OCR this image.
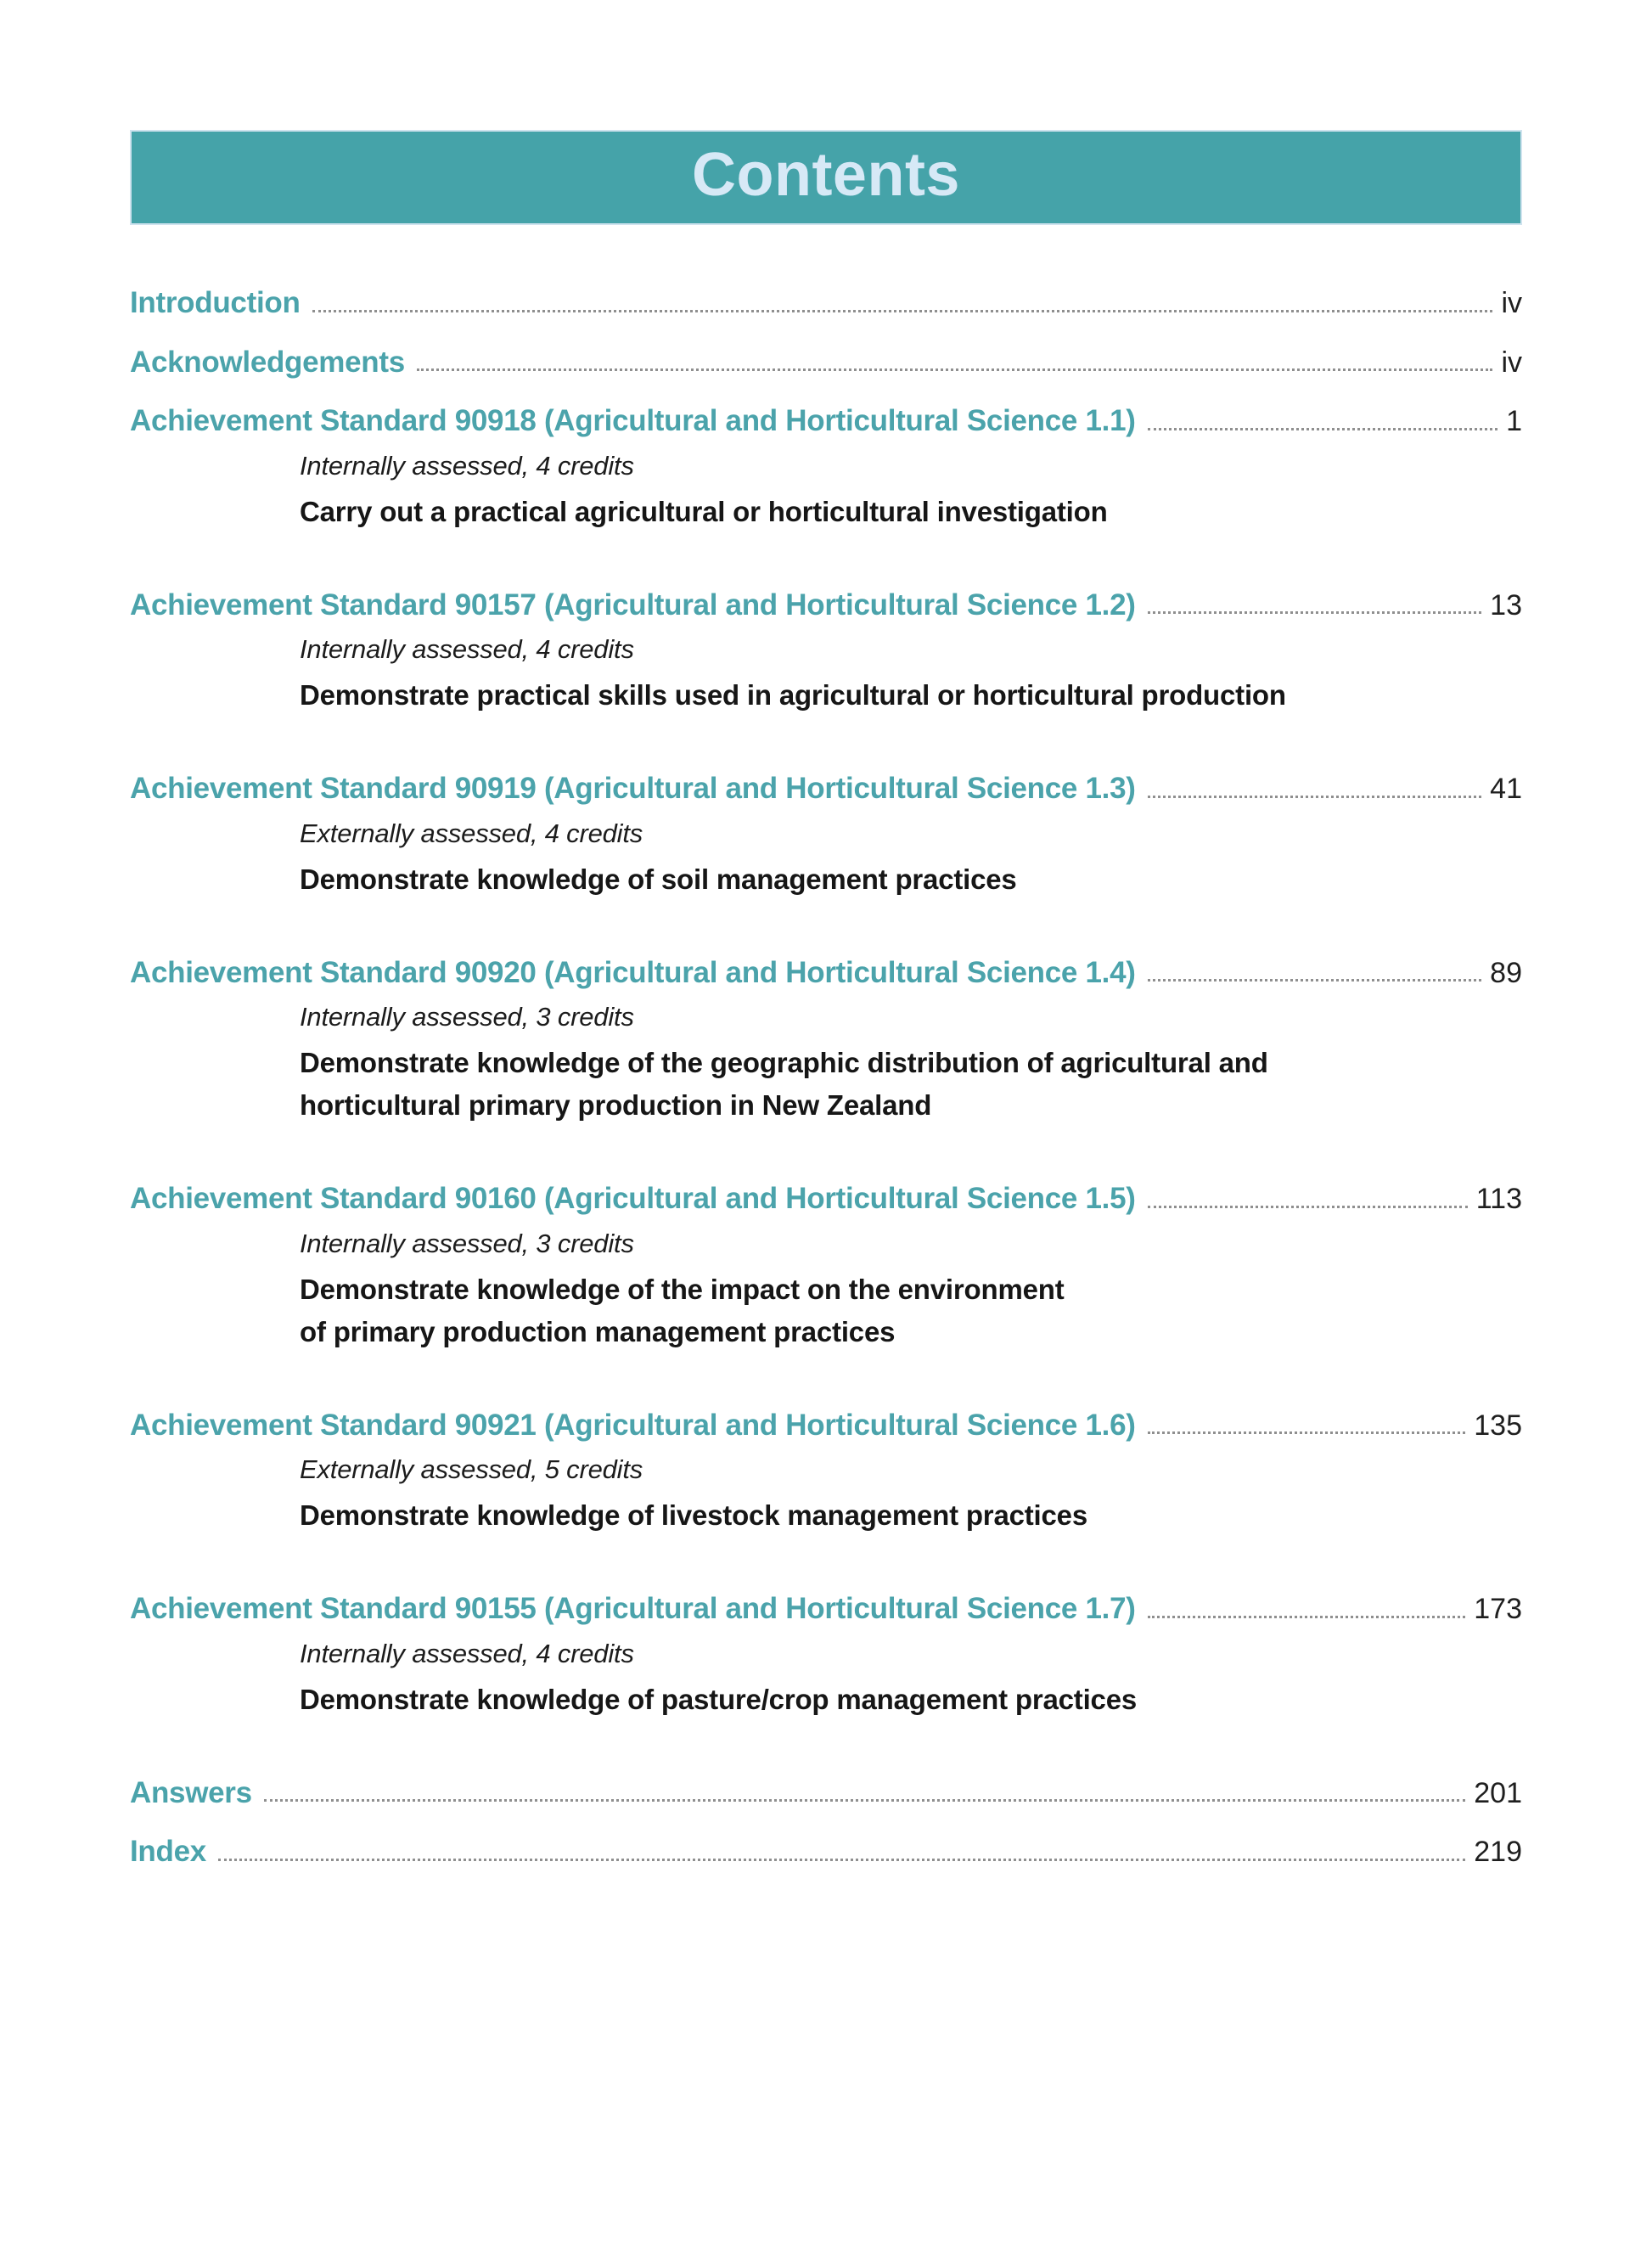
Contents
Introduction	iv
Acknowledgements	iv
Achievement Standard 90918 (Agricultural and Horticultural Science 1.1)	1
Internally assessed, 4 credits
Carry out a practical agricultural or horticultural investigation
Achievement Standard 90157 (Agricultural and Horticultural Science 1.2)	13
Internally assessed, 4 credits
Demonstrate practical skills used in agricultural or horticultural production
Achievement Standard 90919 (Agricultural and Horticultural Science 1.3)	41
Externally assessed, 4 credits
Demonstrate knowledge of soil management practices
Achievement Standard 90920 (Agricultural and Horticultural Science 1.4)	89
Internally assessed, 3 credits
Demonstrate knowledge of the geographic distribution of agricultural and
horticultural primary production in New Zealand
Achievement Standard 90160 (Agricultural and Horticultural Science 1.5)	113
Internally assessed, 3 credits
Demonstrate knowledge of the impact on the environment
of primary production management practices
Achievement Standard 90921 (Agricultural and Horticultural Science 1.6)	135
Externally assessed, 5 credits
Demonstrate knowledge of livestock management practices
Achievement Standard 90155 (Agricultural and Horticultural Science 1.7)	173
Internally assessed, 4 credits
Demonstrate knowledge of pasture/crop management practices
Answers	201
Index	219
